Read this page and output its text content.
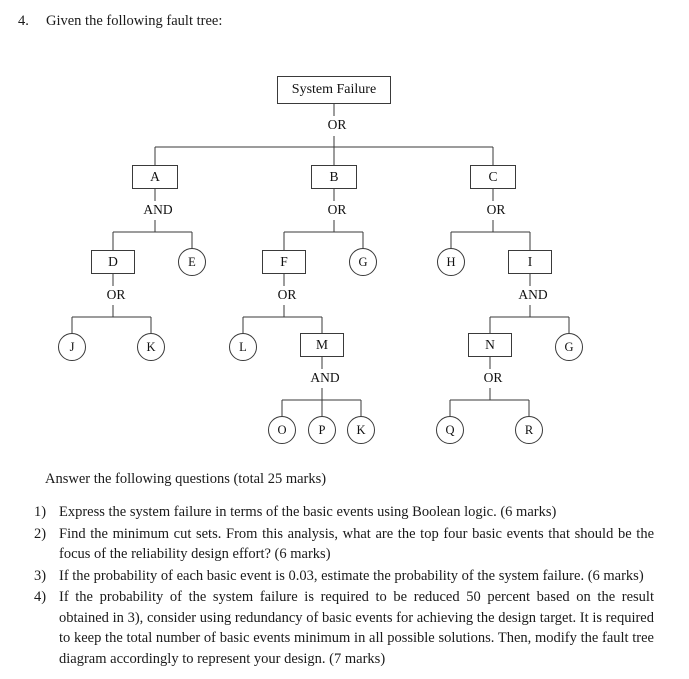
4.	Given the following fault tree:
System Failure
OR
A
AND
B
OR
C
OR
D
OR
E	F
OR
G	H	I
AND
J	K	L	M
AND
N
OR
G
O	P	K	Q	R
Answer the following questions (total 25 marks)
1) Express the system failure in terms of the basic events using Boolean logic. (6 marks)
2) Find the minimum cut sets. From this analysis, what are the top four basic events that should be the focus of the reliability design effort? (6 marks)
3) If the probability of each basic event is 0.03, estimate the probability of the system failure. (6 marks)
4) If the probability of the system failure is required to be reduced 50 percent based on the result obtained in 3), consider using redundancy of basic events for achieving the design target. It is required to keep the total number of basic events minimum in all possible solutions. Then, modify the fault tree diagram accordingly to represent your design. (7 marks)
